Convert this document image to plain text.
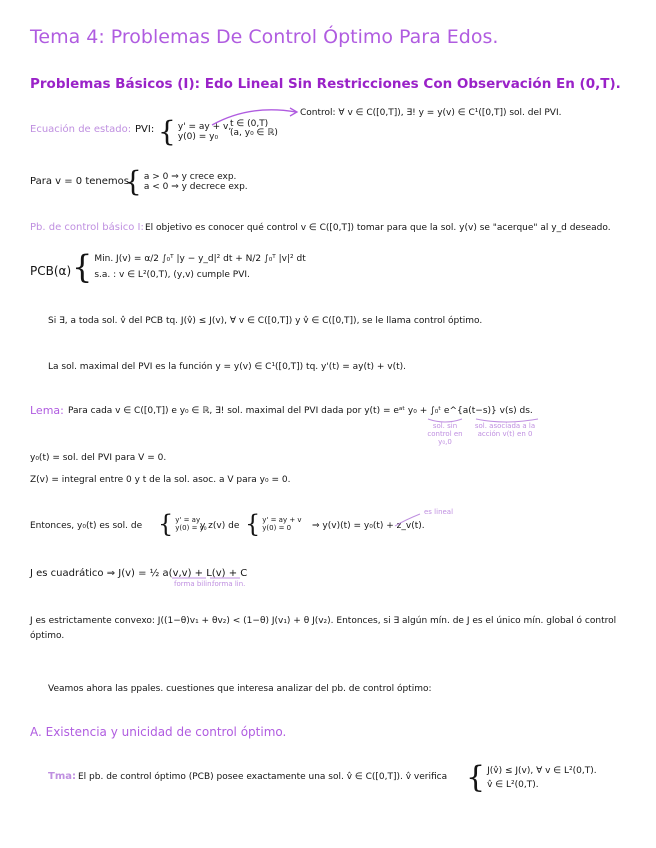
Tema 4: Problemas De Control Óptimo Para Edos.
Problemas Básicos (I): Edo Lineal Sin Restricciones Con Observación En (0,T).
Ecuación de estado: PVI: { y' = ay + v,
y(0) = y₀
t ∈ (0,T)
(a, y₀ ∈ ℝ)
Control: ∀ v ∈ C([0,T]), ∃! y = y(v) ∈ C¹([0,T]) sol. del PVI.
Para v = 0 tenemos
{ a > 0 ⇒ y crece exp.
a < 0 ⇒ y decrece exp.
Pb. de control básico I: El objetivo es conocer qué control v ∈ C([0,T]) tomar para que la sol. y(v) se "acerque" al y_d deseado.
PCB(α) { Min. J(v) = α/2 ∫₀ᵀ |y − y_d|² dt + N/2 ∫₀ᵀ |v|² dt
s.a. : v ∈ L²(0,T), (y,v) cumple PVI.
Si ∃, a toda sol. v̂ del PCB tq. J(v̂) ≤ J(v), ∀ v ∈ C([0,T]) y v̂ ∈ C([0,T]), se le llama control óptimo.
La sol. maximal del PVI es la función y = y(v) ∈ C¹([0,T]) tq. y'(t) = ay(t) + v(t).
Lema: Para cada v ∈ C([0,T]) e y₀ ∈ ℝ, ∃! sol. maximal del PVI dada por y(t) = eᵃᵗ y₀ + ∫₀ᵗ e^{a(t−s)} v(s) ds.
sol. sin control en y₀,0
sol. asociada a la acción v(t) en 0
y₀(t) = sol. del PVI para V = 0.
Z(v) = integral entre 0 y t de la sol. asoc. a V para y₀ = 0.
Entonces, y₀(t) es sol. de { y' = ay
y(0) = y₀
y z(v) de { y' = ay + v
y(0) = 0	⇒ y(v)(t) = y₀(t) + z_v(t).
es lineal
J es cuadrático ⇒ J(v) = ½ a(v,v) + L(v) + C
forma bilin.
forma lin.
J es estrictamente convexo: J((1−θ)v₁ + θv₂) < (1−θ) J(v₁) + θ J(v₂). Entonces, si ∃ algún mín. de J es el único mín. global ó control óptimo.
Veamos ahora las ppales. cuestiones que interesa analizar del pb. de control óptimo:
A. Existencia y unicidad de control óptimo.
Tma: El pb. de control óptimo (PCB) posee exactamente una sol. v̂ ∈ C([0,T]). v̂ verifica { J(v̂) ≤ J(v), ∀ v ∈ L²(0,T).
v̂ ∈ L²(0,T).
